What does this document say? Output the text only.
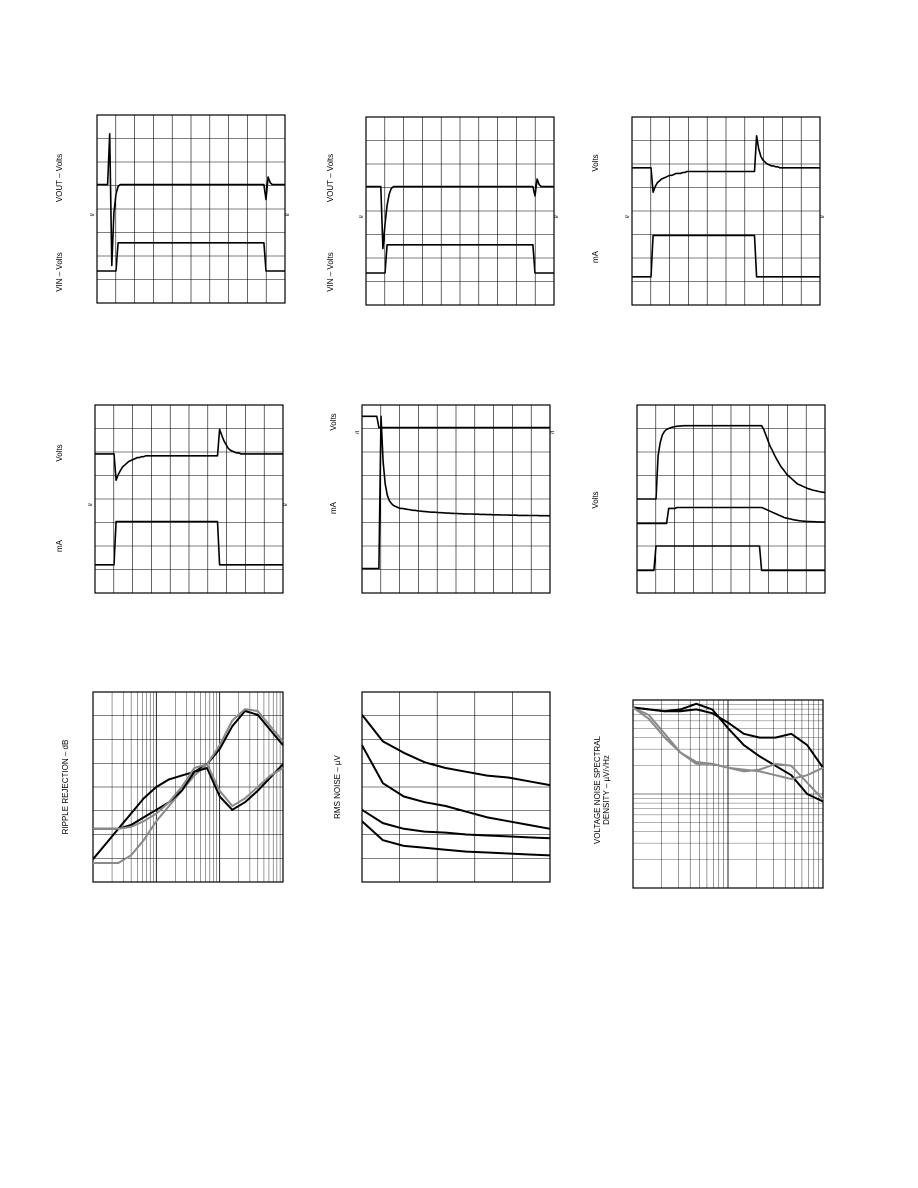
≈	≈	≈	≈	≈	≈
≈	≈
≈	≈
VOUT – Volts
VIN – Volts
VOUT – Volts
VIN – Volts
Volts
mA
Volts
mA
Volts
mA	Volts
RIPPLE REJECTION – dB	RMS NOISE – µV	VOLTAGE NOISE SPECTRAL DENSITY – µV/√Hz
